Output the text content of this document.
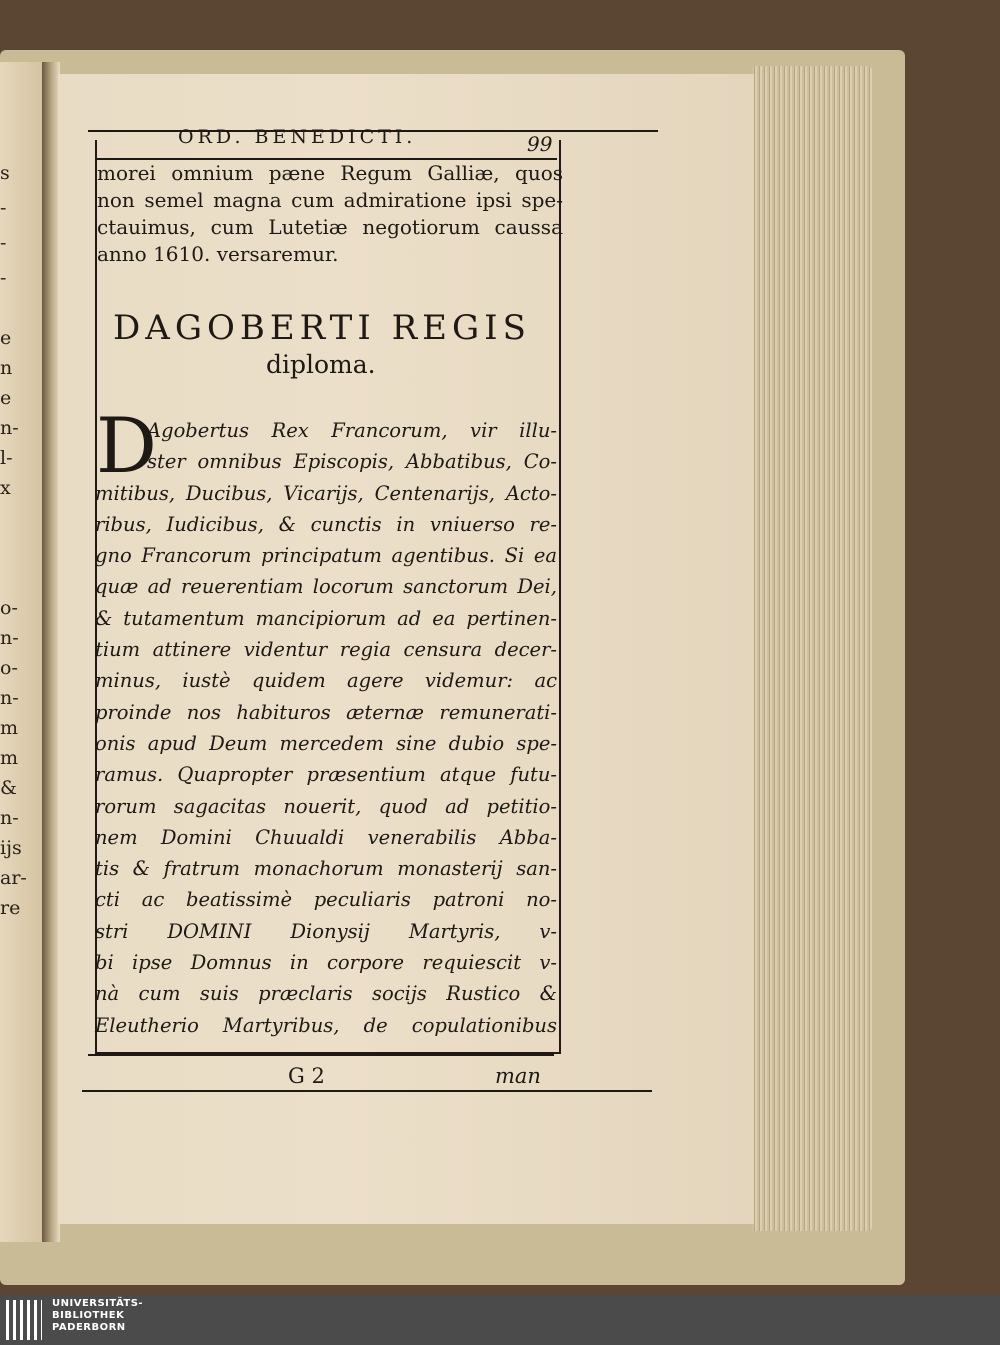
s
-
-
-
e
n
e
n-
l-
x
o-
n-
o-
n-
m
m
&
n-
ijs
ar-
re
ORD. BENEDICTI.	99
morei omnium pæne Regum Galliæ, quos
non semel magna cum admiratione ipsi spe-
ctauimus, cum Lutetiæ negotiorum caussa
anno 1610. versaremur.
DAGOBERTI REGIS
diploma.
D
Agobertus Rex Francorum, vir illu-
ster omnibus Episcopis, Abbatibus, Co-
mitibus, Ducibus, Vicarijs, Centenarijs, Acto-
ribus, Iudicibus, & cunctis in vniuerso re-
gno Francorum principatum agentibus. Si ea
quæ ad reuerentiam locorum sanctorum Dei,
& tutamentum mancipiorum ad ea pertinen-
tium attinere videntur regia censura decer-
minus, iustè quidem agere videmur: ac
proinde nos habituros æternæ remunerati-
onis apud Deum mercedem sine dubio spe-
ramus. Quapropter præsentium atque futu-
rorum sagacitas nouerit, quod ad petitio-
nem Domini Chuualdi venerabilis Abba-
tis & fratrum monachorum monasterij san-
cti ac beatissimè peculiaris patroni no-
stri DOMINI Dionysij Martyris, v-
bi ipse Domnus in corpore requiescit v-
nà cum suis præclaris socijs Rustico &
Eleutherio Martyribus, de copulationibus
G 2	man
UNIVERSITÄTS-
BIBLIOTHEK
PADERBORN
